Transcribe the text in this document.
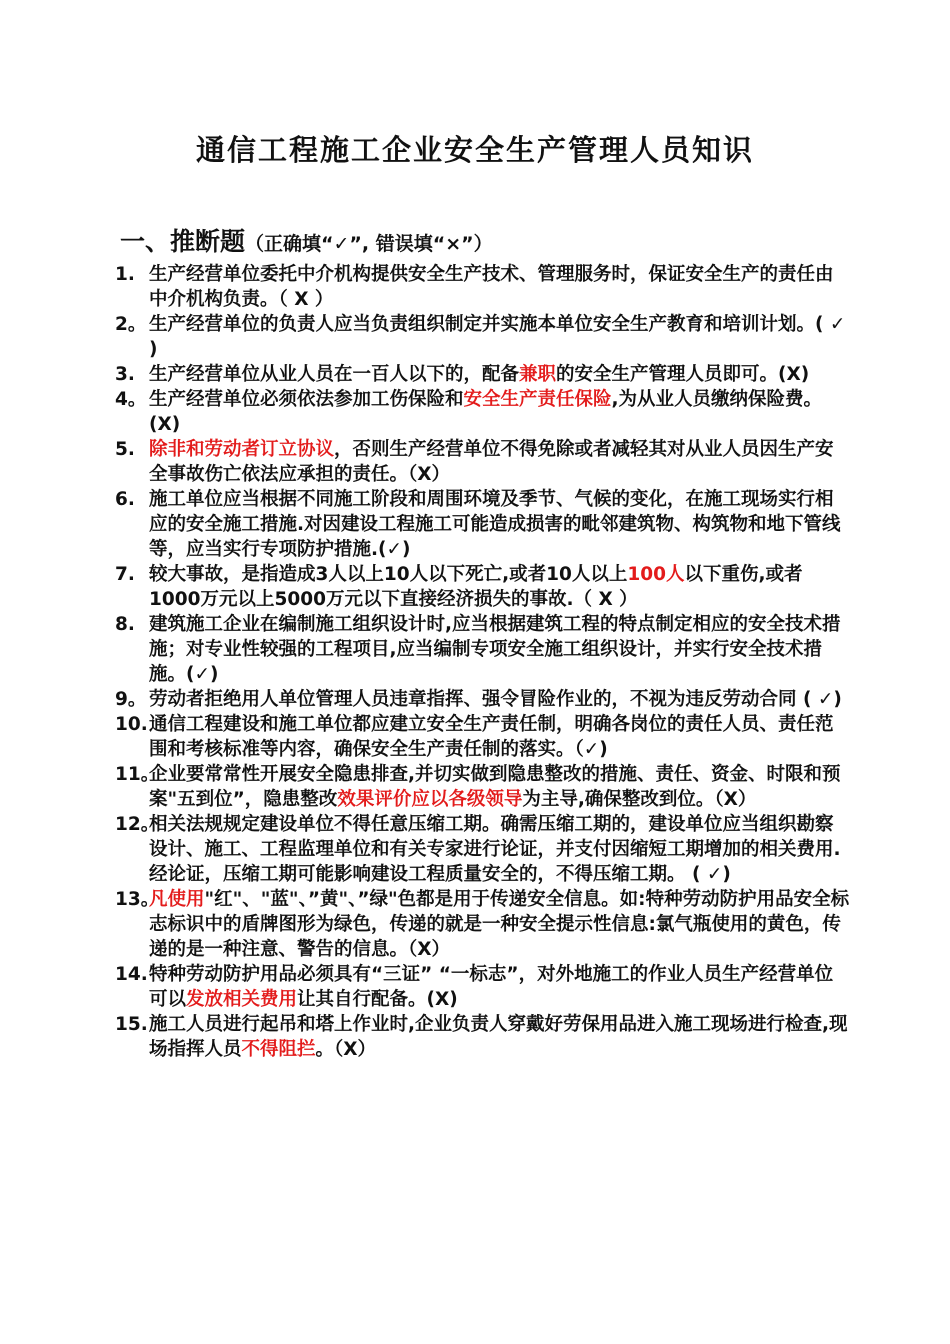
通信工程施工企业安全生产管理人员知识
一、推断题（正确填“✓”, 错误填“×”）
1. 生产经营单位委托中介机构提供安全生产技术、管理服务时，保证安全生产的责任由中介机构负责。（ X ）
2。 生产经营单位的负责人应当负责组织制定并实施本单位安全生产教育和培训计划。( ✓ )
3. 生产经营单位从业人员在一百人以下的，配备兼职的安全生产管理人员即可。(X)
4。 生产经营单位必须依法参加工伤保险和安全生产责任保险,为从业人员缴纳保险费。(X)
5. 除非和劳动者订立协议，否则生产经营单位不得免除或者减轻其对从业人员因生产安全事故伤亡依法应承担的责任。（X）
6. 施工单位应当根据不同施工阶段和周围环境及季节、气候的变化，在施工现场实行相应的安全施工措施.对因建设工程施工可能造成损害的毗邻建筑物、构筑物和地下管线等，应当实行专项防护措施.(✓)
7. 较大事故，是指造成3人以上10人以下死亡,或者10人以上100人以下重伤,或者1000万元以上5000万元以下直接经济损失的事故.（ X ）
8. 建筑施工企业在编制施工组织设计时,应当根据建筑工程的特点制定相应的安全技术措施；对专业性较强的工程项目,应当编制专项安全施工组织设计，并实行安全技术措施。(✓)
9。 劳动者拒绝用人单位管理人员违章指挥、强令冒险作业的，不视为违反劳动合同 ( ✓)
10. 通信工程建设和施工单位都应建立安全生产责任制，明确各岗位的责任人员、责任范围和考核标准等内容，确保安全生产责任制的落实。（✓)
11。
企业要常常性开展安全隐患排查,并切实做到隐患整改的措施、责任、资金、时限和预案"五到位”，隐患整改效果评价应以各级领导为主导,确保整改到位。（X）
12。
相关法规规定建设单位不得任意压缩工期。确需压缩工期的，建设单位应当组织勘察设计、施工、工程监理单位和有关专家进行论证，并支付因缩短工期增加的相关费用.经论证，压缩工期可能影响建设工程质量安全的，不得压缩工期。 ( ✓)
13。
凡使用"红"、"蓝"、”黄"、”绿"色都是用于传递安全信息。如:特种劳动防护用品安全标志标识中的盾牌图形为绿色，传递的就是一种安全提示性信息:氯气瓶使用的黄色，传递的是一种注意、警告的信息。（X）
14. 特种劳动防护用品必须具有“三证” “一标志”，对外地施工的作业人员生产经营单位可以发放相关费用让其自行配备。(X)
15. 施工人员进行起吊和塔上作业时,企业负责人穿戴好劳保用品进入施工现场进行检查,现场指挥人员不得阻拦。（X）
